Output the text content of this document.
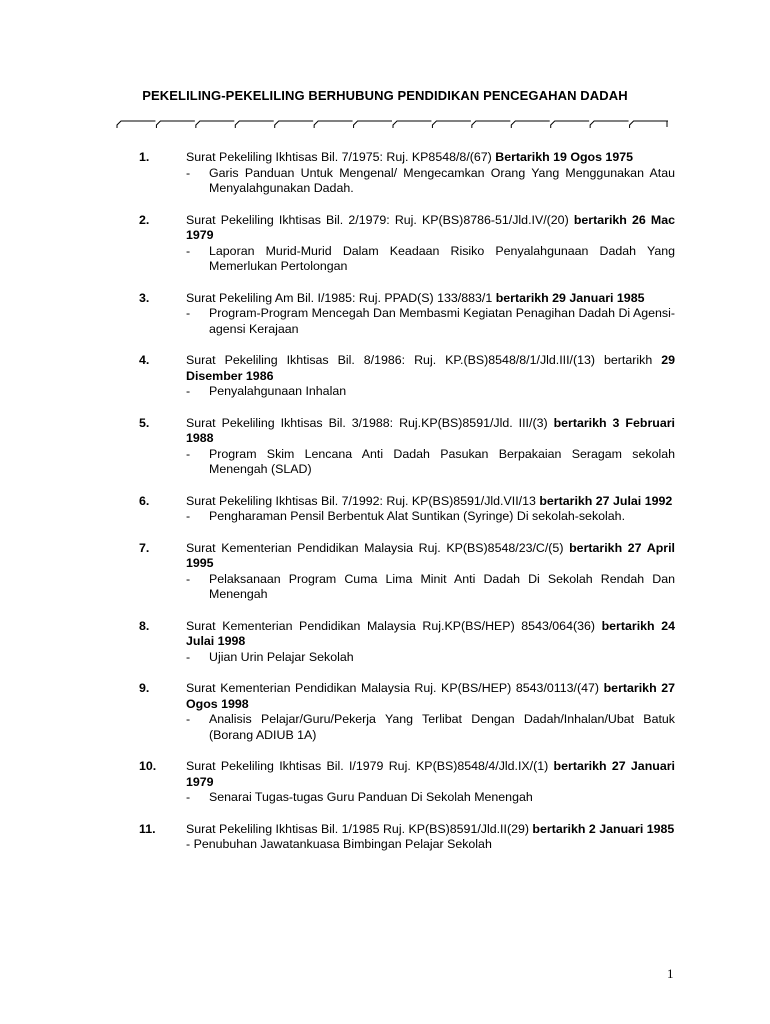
PEKELILING-PEKELILING BERHUBUNG PENDIDIKAN PENCEGAHAN DADAH
1.	Surat Pekeliling Ikhtisas Bil. 7/1975: Ruj. KP8548/8/(67) Bertarikh 19 Ogos 1975
- Garis Panduan Untuk Mengenal/ Mengecamkan Orang Yang Menggunakan Atau Menyalahgunakan Dadah.
2.	Surat Pekeliling Ikhtisas Bil. 2/1979: Ruj. KP(BS)8786-51/Jld.IV/(20) bertarikh 26 Mac 1979
- Laporan Murid-Murid Dalam Keadaan Risiko Penyalahgunaan Dadah Yang Memerlukan Pertolongan
3.	Surat Pekeliling Am Bil. I/1985: Ruj. PPAD(S) 133/883/1 bertarikh 29 Januari 1985
- Program-Program Mencegah Dan Membasmi Kegiatan Penagihan Dadah Di Agensi-agensi Kerajaan
4.	Surat Pekeliling Ikhtisas Bil. 8/1986: Ruj. KP.(BS)8548/8/1/Jld.III/(13) bertarikh 29 Disember 1986
- Penyalahgunaan Inhalan
5.	Surat Pekeliling Ikhtisas Bil. 3/1988: Ruj.KP(BS)8591/Jld. III/(3) bertarikh 3 Februari 1988
- Program Skim Lencana Anti Dadah Pasukan Berpakaian Seragam sekolah Menengah (SLAD)
6.	Surat Pekeliling Ikhtisas Bil. 7/1992: Ruj. KP(BS)8591/Jld.VII/13 bertarikh 27 Julai 1992
- Pengharaman Pensil Berbentuk Alat Suntikan (Syringe) Di sekolah-sekolah.
7.	Surat Kementerian Pendidikan Malaysia Ruj. KP(BS)8548/23/C/(5) bertarikh 27 April 1995
- Pelaksanaan Program Cuma Lima Minit Anti Dadah Di Sekolah Rendah Dan Menengah
8.	Surat Kementerian Pendidikan Malaysia Ruj.KP(BS/HEP) 8543/064(36) bertarikh 24 Julai 1998
- Ujian Urin Pelajar Sekolah
9.	Surat Kementerian Pendidikan Malaysia Ruj. KP(BS/HEP) 8543/0113/(47) bertarikh 27 Ogos 1998
- Analisis Pelajar/Guru/Pekerja Yang Terlibat Dengan Dadah/Inhalan/Ubat Batuk (Borang ADIUB 1A)
10.	Surat Pekeliling Ikhtisas Bil. I/1979 Ruj. KP(BS)8548/4/Jld.IX/(1) bertarikh 27 Januari 1979
- Senarai Tugas-tugas Guru Panduan Di Sekolah Menengah
11.	Surat Pekeliling Ikhtisas Bil. 1/1985 Ruj. KP(BS)8591/Jld.II(29) bertarikh 2 Januari 1985
- Penubuhan Jawatankuasa Bimbingan Pelajar Sekolah
1
